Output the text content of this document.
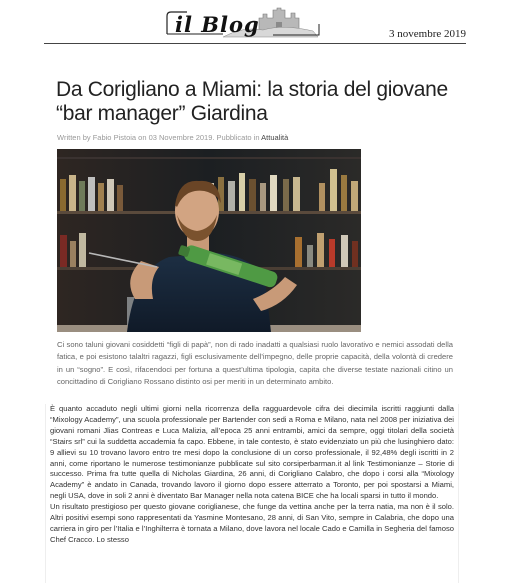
il Blog	3 novembre 2019
Da Corigliano a Miami: la storia del giovane “bar manager” Giardina
Written by Fabio Pistoia on 03 Novembre 2019. Pubblicato in Attualità

Ci sono taluni giovani cosiddetti “figli di papà”, non di rado inadatti a qualsiasi ruolo lavorativo e nemici assodati della fatica, e poi esistono talaltri ragazzi, figli esclusivamente dell’impegno, delle proprie capacità, della volontà di credere in un “sogno”. E così, rifacendoci per fortuna a quest’ultima tipologia, capita che diverse testate nazionali citino un concittadino di Corigliano Rossano distinto osi per meriti in un determinato ambito.

È quanto accaduto negli ultimi giorni nella ricorrenza della ragguardevole cifra dei diecimila iscritti raggiunti dalla “Mixology Academy”, una scuola professionale per Bartender con sedi a Roma e Milano, nata nel 2008 per iniziativa dei giovani romani Jlias Contreas e Luca Malizia, all’epoca 25 anni entrambi, amici da sempre, oggi titolari della società “Stairs srl” cui la suddetta accademia fa capo. Ebbene, in tale contesto, è stato evidenziato un più che lusinghiero dato: 9 allievi su 10 trovano lavoro entro tre mesi dopo la conclusione di un corso professionale, il 92,48% degli iscritti in 2 anni, come riportano le numerose testimonianze pubblicate sul sito corsiperbarman.it al link Testimonianze – Storie di successo. Prima fra tutte quella di Nicholas Giardina, 26 anni, di Corigliano Calabro, che dopo i corsi alla “Mixology Academy” è andato in Canada, trovando lavoro il giorno dopo essere atterrato a Toronto, per poi spostarsi a Miami, negli USA, dove in soli 2 anni è diventato Bar Manager nella nota catena BICE che ha locali sparsi in tutto il mondo.

Un risultato prestigioso per questo giovane coriglianese, che funge da vettina anche per la terra natia, ma non è il solo. Altri positivi esempi sono rappresentati da Yasmine Montesano, 28 anni, di San Vito, sempre in Calabria, che dopo una carriera in giro per l’Italia e l’Inghilterra è tornata a Milano, dove lavora nel locale Cado e Camilla in Segheria del famoso Chef Cracco. Lo stesso
